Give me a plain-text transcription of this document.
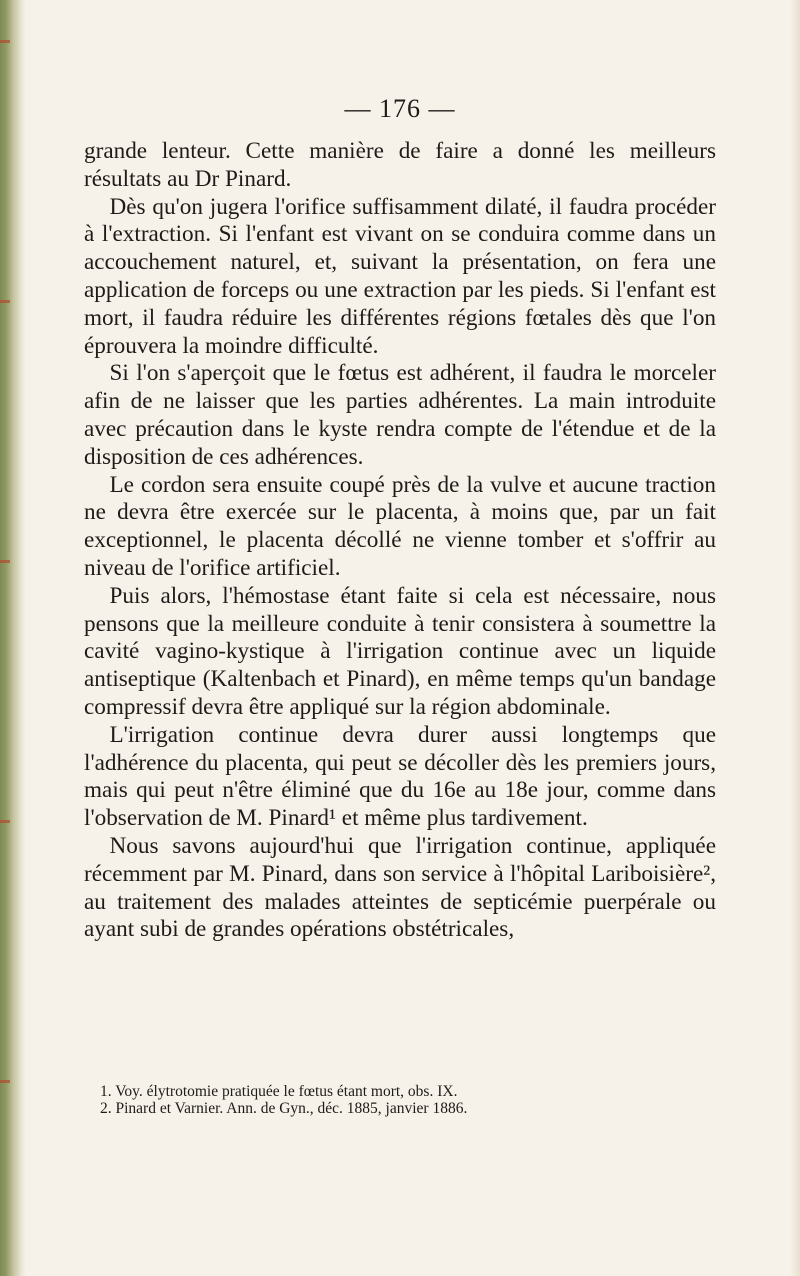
— 176 —

grande lenteur. Cette manière de faire a donné les meilleurs résultats au Dr Pinard.

Dès qu'on jugera l'orifice suffisamment dilaté, il faudra procéder à l'extraction. Si l'enfant est vivant on se conduira comme dans un accouchement naturel, et, suivant la présentation, on fera une application de forceps ou une extraction par les pieds. Si l'enfant est mort, il faudra réduire les différentes régions fœtales dès que l'on éprouvera la moindre difficulté.

Si l'on s'aperçoit que le fœtus est adhérent, il faudra le morceler afin de ne laisser que les parties adhérentes. La main introduite avec précaution dans le kyste rendra compte de l'étendue et de la disposition de ces adhérences.

Le cordon sera ensuite coupé près de la vulve et aucune traction ne devra être exercée sur le placenta, à moins que, par un fait exceptionnel, le placenta décollé ne vienne tomber et s'offrir au niveau de l'orifice artificiel.

Puis alors, l'hémostase étant faite si cela est nécessaire, nous pensons que la meilleure conduite à tenir consistera à soumettre la cavité vagino-kystique à l'irrigation continue avec un liquide antiseptique (Kaltenbach et Pinard), en même temps qu'un bandage compressif devra être appliqué sur la région abdominale.

L'irrigation continue devra durer aussi longtemps que l'adhérence du placenta, qui peut se décoller dès les premiers jours, mais qui peut n'être éliminé que du 16e au 18e jour, comme dans l'observation de M. Pinard¹ et même plus tardivement.

Nous savons aujourd'hui que l'irrigation continue, appliquée récemment par M. Pinard, dans son service à l'hôpital Lariboisière², au traitement des malades atteintes de septicémie puerpérale ou ayant subi de grandes opérations obstétricales,

1. Voy. élytrotomie pratiquée le fœtus étant mort, obs. IX.
2. Pinard et Varnier. Ann. de Gyn., déc. 1885, janvier 1886.
